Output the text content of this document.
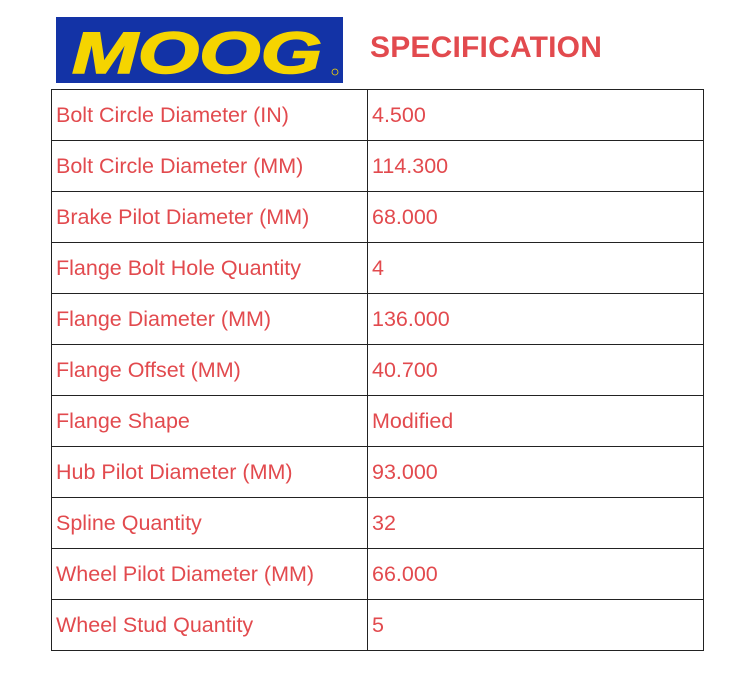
MOOG SPECIFICATION
Bolt Circle Diameter (IN)	4.500
Bolt Circle Diameter (MM)	114.300
Brake Pilot Diameter (MM)	68.000
Flange Bolt Hole Quantity	4
Flange Diameter (MM)	136.000
Flange Offset (MM)	40.700
Flange Shape	Modified
Hub Pilot Diameter (MM)	93.000
Spline Quantity	32
Wheel Pilot Diameter (MM)	66.000
Wheel Stud Quantity	5
